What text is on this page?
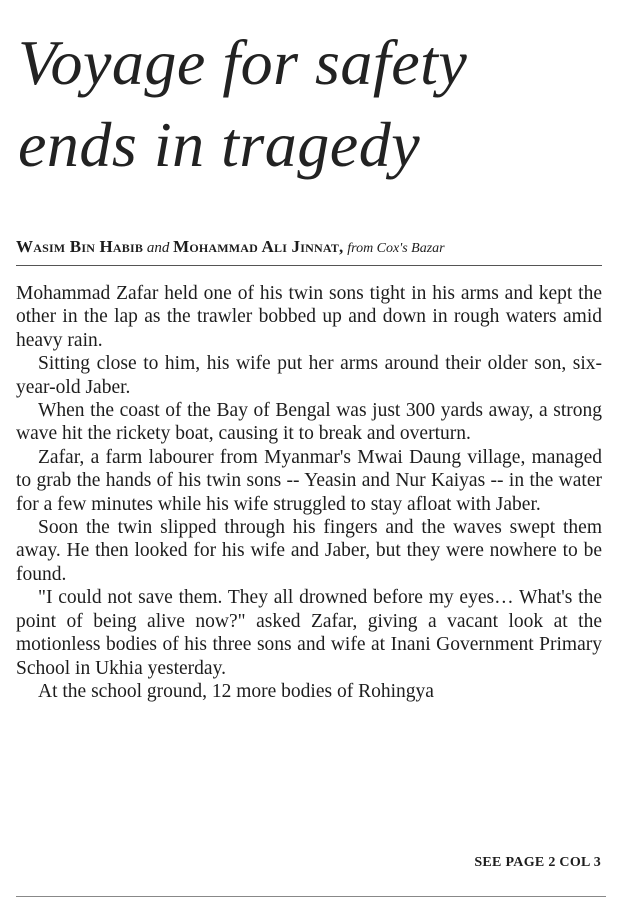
Voyage for safety
ends in tragedy
Wasim Bin Habib and Mohammad Ali Jinnat, from Cox's Bazar

Mohammad Zafar held one of his twin sons tight in his arms and kept the other in the lap as the trawler bobbed up and down in rough waters amid heavy rain.

Sitting close to him, his wife put her arms around their older son, six-year-old Jaber.

When the coast of the Bay of Bengal was just 300 yards away, a strong wave hit the rickety boat, causing it to break and overturn.

Zafar, a farm labourer from Myanmar's Mwai Daung village, managed to grab the hands of his twin sons -- Yeasin and Nur Kaiyas -- in the water for a few minutes while his wife struggled to stay afloat with Jaber.

Soon the twin slipped through his fingers and the waves swept them away. He then looked for his wife and Jaber, but they were nowhere to be found.

"I could not save them. They all drowned before my eyes… What's the point of being alive now?" asked Zafar, giving a vacant look at the motionless bodies of his three sons and wife at Inani Government Primary School in Ukhia yesterday.

At the school ground, 12 more bodies of Rohingya

SEE PAGE 2 COL 3
